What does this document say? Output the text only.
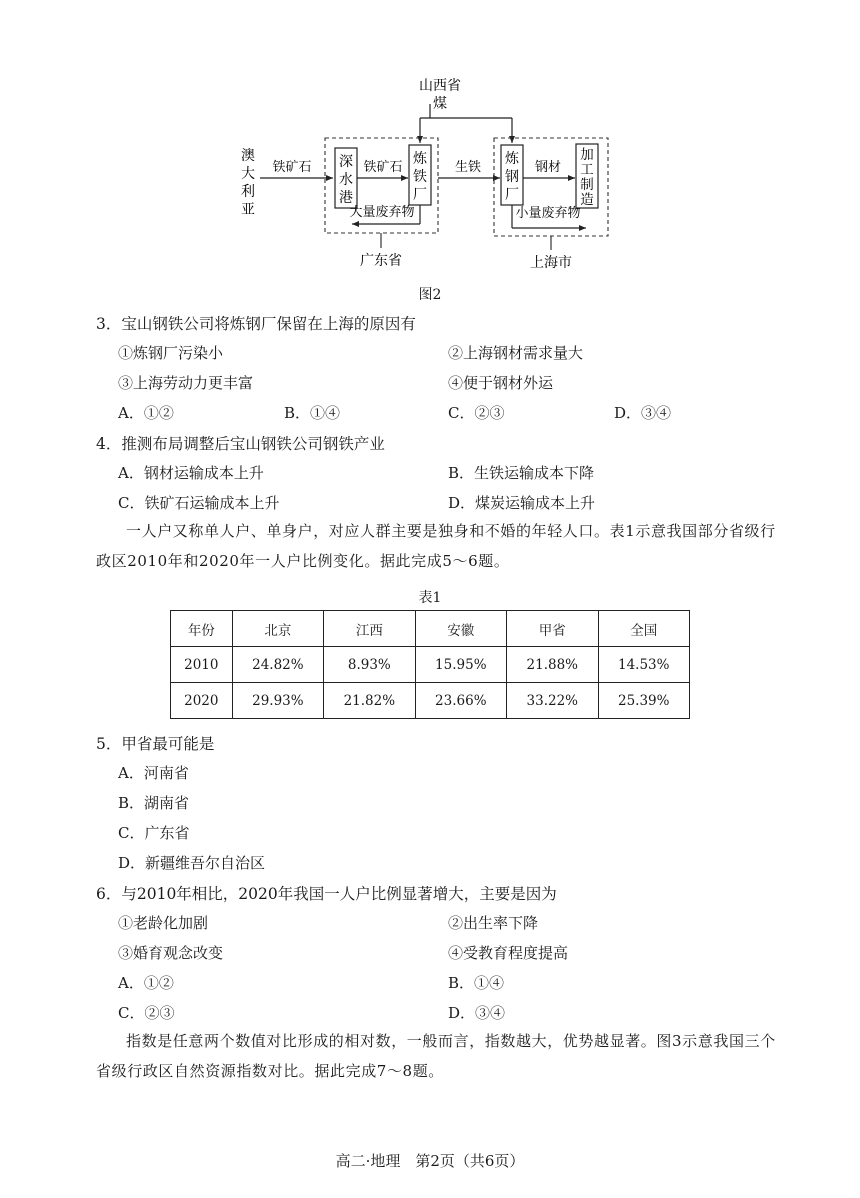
山西省
煤
澳
大
利
亚
铁矿石 深
水
港
铁矿石
炼
铁
厂
大量废弃物
生铁
炼
钢
厂
钢材
加
工
制
造
小量废弃物
广东省	上海市
图2
3．宝山钢铁公司将炼钢厂保留在上海的原因有
①炼钢厂污染小	②上海钢材需求量大
③上海劳动力更丰富	④便于钢材外运
A．①②	B．①④	C．②③	D．③④
4．推测布局调整后宝山钢铁公司钢铁产业
A．钢材运输成本上升	B．生铁运输成本下降
C．铁矿石运输成本上升	D．煤炭运输成本上升
一人户又称单人户、单身户，对应人群主要是独身和不婚的年轻人口。表1示意我国部分省级行政区2010年和2020年一人户比例变化。据此完成5～6题。
表1
年份	北京	江西	安徽	甲省	全国
2010	24.82%	8.93%	15.95%	21.88%	14.53%
2020	29.93%	21.82%	23.66%	33.22%	25.39%
5．甲省最可能是
A．河南省
B．湖南省
C．广东省
D．新疆维吾尔自治区
6．与2010年相比，2020年我国一人户比例显著增大，主要是因为
①老龄化加剧	②出生率下降
③婚育观念改变	④受教育程度提高
A．①②	B．①④
C．②③	D．③④
指数是任意两个数值对比形成的相对数，一般而言，指数越大，优势越显著。图3示意我国三个省级行政区自然资源指数对比。据此完成7～8题。
高二·地理　第2页（共6页）
